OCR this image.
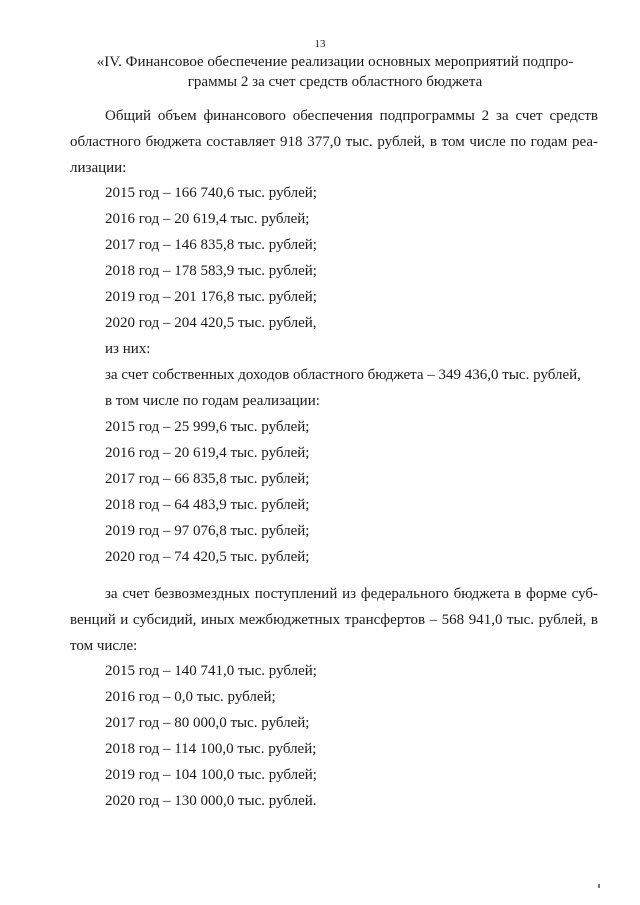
13
«IV. Финансовое обеспечение реализации основных мероприятий подпро-
граммы 2 за счет средств областного бюджета
Общий объем финансового обеспечения подпрограммы 2 за счет средств
областного бюджета составляет 918 377,0 тыс. рублей, в том числе по годам реа-
лизации:
2015 год – 166 740,6 тыс. рублей;
2016 год – 20 619,4 тыс. рублей;
2017 год – 146 835,8 тыс. рублей;
2018 год – 178 583,9 тыс. рублей;
2019 год – 201 176,8 тыс. рублей;
2020 год – 204 420,5 тыс. рублей,
из них:
за счет собственных доходов областного бюджета – 349 436,0 тыс. рублей,
в том числе по годам реализации:
2015 год – 25 999,6 тыс. рублей;
2016 год – 20 619,4 тыс. рублей;
2017 год – 66 835,8 тыс. рублей;
2018 год – 64 483,9 тыс. рублей;
2019 год – 97 076,8 тыс. рублей;
2020 год – 74 420,5 тыс. рублей;
за счет безвозмездных поступлений из федерального бюджета в форме суб-
венций и субсидий, иных межбюджетных трансфертов – 568 941,0 тыс. рублей, в
том числе:
2015 год – 140 741,0 тыс. рублей;
2016 год – 0,0 тыс. рублей;
2017 год – 80 000,0 тыс. рублей;
2018 год – 114 100,0 тыс. рублей;
2019 год – 104 100,0 тыс. рублей;
2020 год – 130 000,0 тыс. рублей.
